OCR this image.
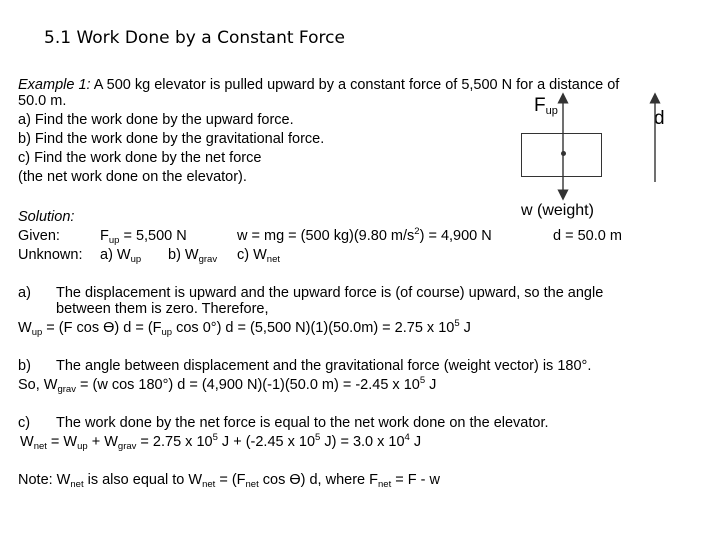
5.1 Work Done by a Constant Force
Example 1: A 500 kg elevator is pulled upward by a constant force of 5,500 N for a distance of
50.0 m.
a) Find the work done by the upward force.
b) Find the work done by the gravitational force.
c) Find the work done by the net force
(the net work done on the elevator).
$F_{up}$	d
w (weight)
Solution:
Given:	$F_{up} = 5,500$ N	w = mg = (500 kg)(9.80 $m/s^2) = 4,900$ N	d = 50.0 m
Unknown: a) $W_{up}$ b) $W_{grav}$ c) $W_{net}$
a) The displacement is upward and the upward force is (of course) upward, so the angle
between them is zero. Therefore,
$W_{up} = (F$ cos Ɵ) $d = (F_{up}$ cos 0°) d = (5,500 N)(1)(50.0m) = 2.75 x $10^5$ J
b) The angle between displacement and the gravitational force (weight vector) is 180°.
So, $W_{grav} = (w$ cos 180°) d = (4,900 N)(-1)(50.0 m) = -2.45 x $10^5$ J
c) The work done by the net force is equal to the net work done on the elevator.
$W_{net} = W_{up} + W_{grav} = 2.75$ x $10^5$ J + (-2.45 x $10^5$ J) = 3.0 x $10^4$ J
Note: $W_{net}$ is also equal to $W_{net} = (F_{net}$ cos Ɵ) d, where $F_{net} = F - w$
